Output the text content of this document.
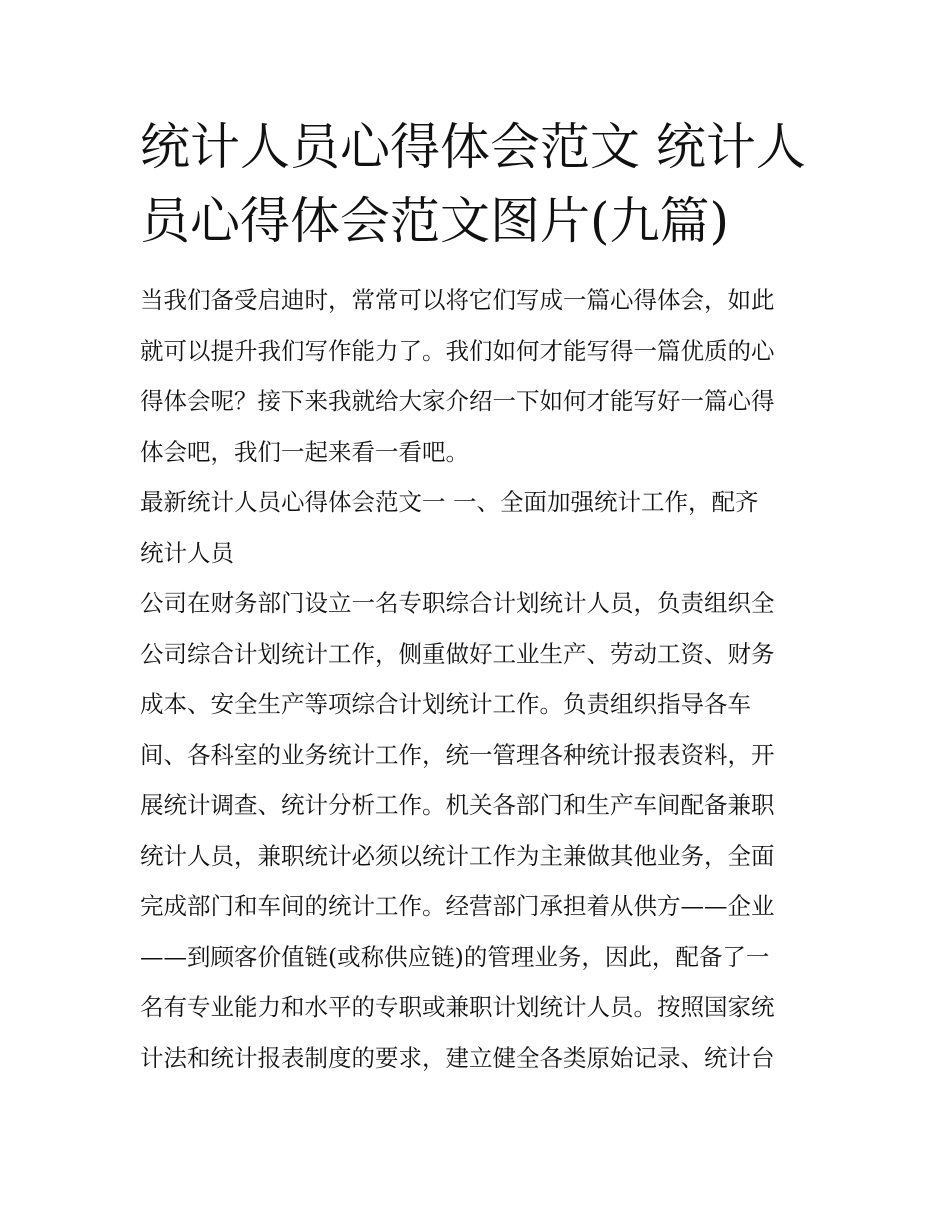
统计人员心得体会范文 统计人
员心得体会范文图片(九篇)
当我们备受启迪时，常常可以将它们写成一篇心得体会，如此
就可以提升我们写作能力了。我们如何才能写得一篇优质的心
得体会呢？接下来我就给大家介绍一下如何才能写好一篇心得
体会吧，我们一起来看一看吧。
最新统计人员心得体会范文一 一、全面加强统计工作，配齐
统计人员
公司在财务部门设立一名专职综合计划统计人员，负责组织全
公司综合计划统计工作，侧重做好工业生产、劳动工资、财务
成本、安全生产等项综合计划统计工作。负责组织指导各车
间、各科室的业务统计工作，统一管理各种统计报表资料，开
展统计调查、统计分析工作。机关各部门和生产车间配备兼职
统计人员，兼职统计必须以统计工作为主兼做其他业务，全面
完成部门和车间的统计工作。经营部门承担着从供方——企业
——到顾客价值链(或称供应链)的管理业务，因此，配备了一
名有专业能力和水平的专职或兼职计划统计人员。按照国家统
计法和统计报表制度的要求，建立健全各类原始记录、统计台
